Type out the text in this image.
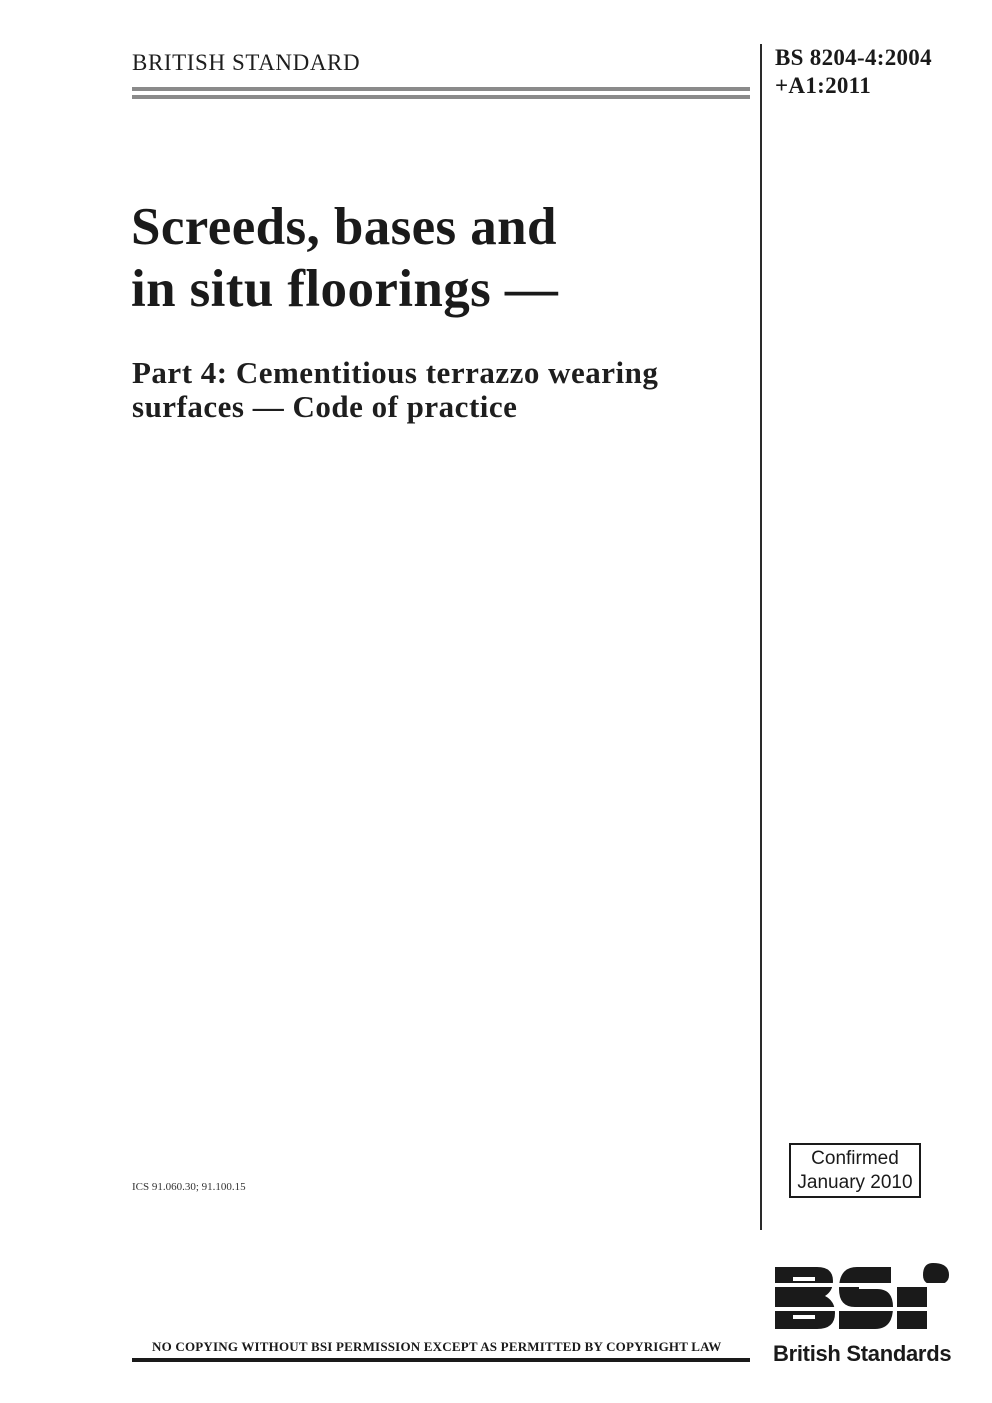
BRITISH STANDARD	BS 8204-4:2004
+A1:2011
Screeds, bases and
in situ floorings —
Part 4: Cementitious terrazzo wearing
surfaces — Code of practice
ICS 91.060.30; 91.100.15
Confirmed
January 2010
NO COPYING WITHOUT BSI PERMISSION EXCEPT AS PERMITTED BY COPYRIGHT LAW British Standards
